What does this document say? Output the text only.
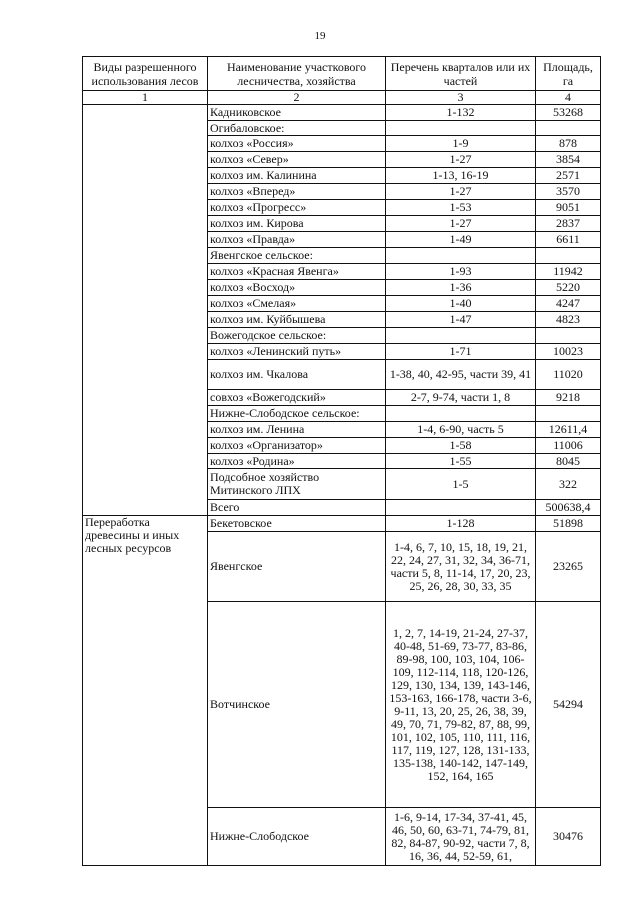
19
Виды разрешенного использования лесов	Наименование участкового лесничества, хозяйства	Перечень кварталов или их частей	Площадь, га
1	2	3	4
	Кадниковское	1-132	53268
	Огибаловское:		
	колхоз «Россия»	1-9	878
	колхоз «Север»	1-27	3854
	колхоз им. Калинина	1-13, 16-19	2571
	колхоз «Вперед»	1-27	3570
	колхоз «Прогресс»	1-53	9051
	колхоз им. Кирова	1-27	2837
	колхоз «Правда»	1-49	6611
	Явенгское сельское:		
	колхоз «Красная Явенга»	1-93	11942
	колхоз «Восход»	1-36	5220
	колхоз «Смелая»	1-40	4247
	колхоз им. Куйбышева	1-47	4823
	Вожегодское сельское:		
	колхоз «Ленинский путь»	1-71	10023
	колхоз им. Чкалова	1-38, 40, 42-95, части 39, 41	11020
	совхоз «Вожегодский»	2-7, 9-74, части 1, 8	9218
	Нижне-Слободское сельское:		
	колхоз им. Ленина	1-4, 6-90, часть 5	12611,4
	колхоз «Организатор»	1-58	11006
	колхоз «Родина»	1-55	8045
	Подсобное хозяйство Митинского ЛПХ	1-5	322
	Всего		500638,4
Переработка древесины и иных лесных ресурсов	Бекетовское	1-128	51898
	Явенгское	1-4, 6, 7, 10, 15, 18, 19, 21, 22, 24, 27, 31, 32, 34, 36-71, части 5, 8, 11-14, 17, 20, 23, 25, 26, 28, 30, 33, 35	23265
	Вотчинское	1, 2, 7, 14-19, 21-24, 27-37, 40-48, 51-69, 73-77, 83-86, 89-98, 100, 103, 104, 106-109, 112-114, 118, 120-126, 129, 130, 134, 139, 143-146, 153-163, 166-178, части 3-6, 9-11, 13, 20, 25, 26, 38, 39, 49, 70, 71, 79-82, 87, 88, 99, 101, 102, 105, 110, 111, 116, 117, 119, 127, 128, 131-133, 135-138, 140-142, 147-149, 152, 164, 165	54294
	Нижне-Слободское	1-6, 9-14, 17-34, 37-41, 45, 46, 50, 60, 63-71, 74-79, 81, 82, 84-87, 90-92, части 7, 8, 16, 36, 44, 52-59, 61,	30476
